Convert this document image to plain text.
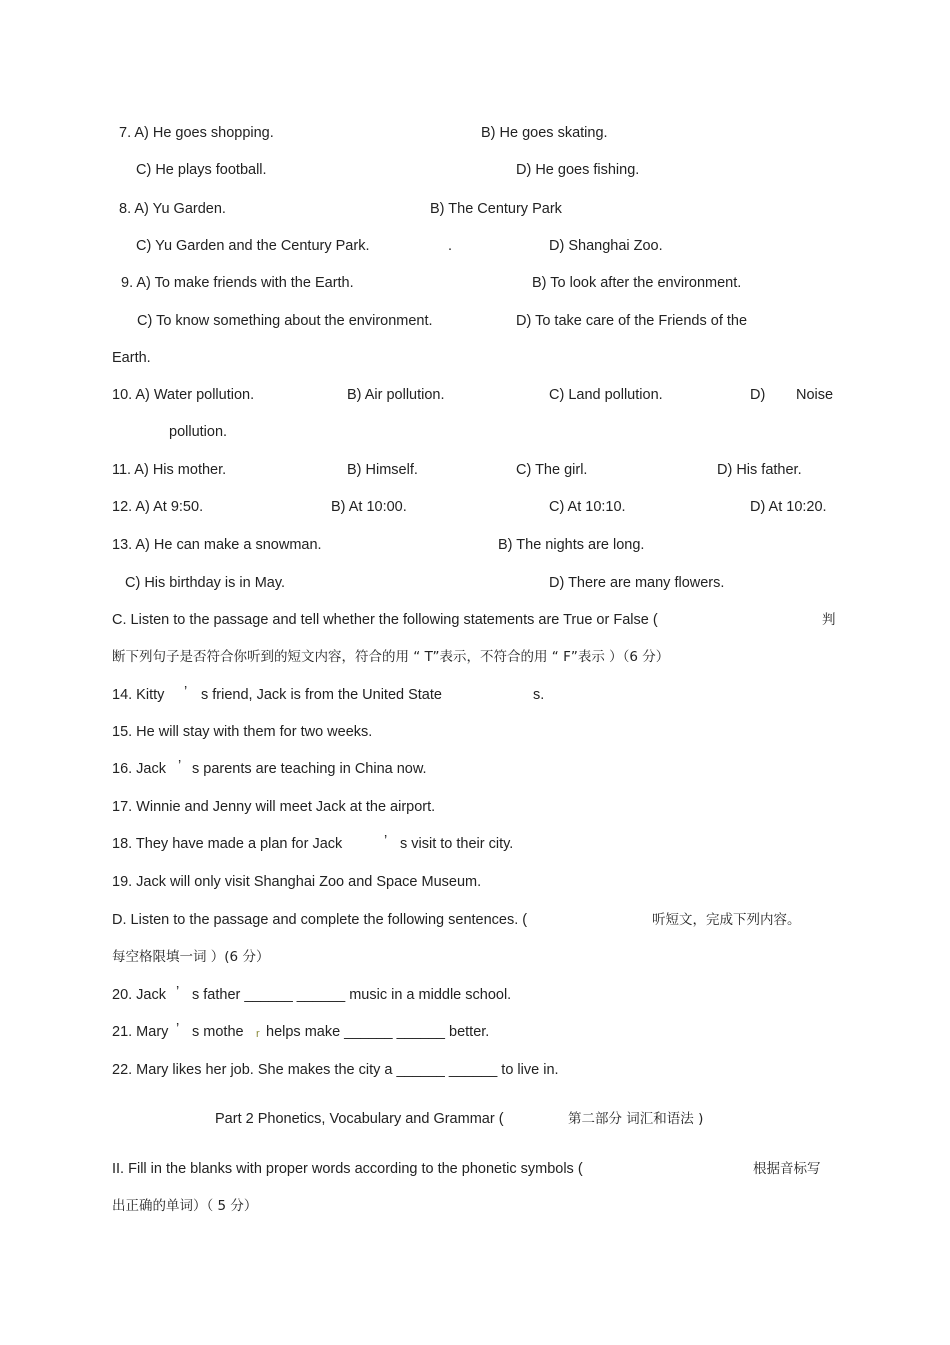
7. A) He goes shopping.	B) He goes skating.
C) He plays football.	D) He goes fishing.
8. A) Yu Garden.	B) The Century Park
C) Yu Garden and the Century Park.	.	D) Shanghai Zoo.
9. A) To make friends with the Earth.	B) To look after the environment.
C) To know something about the environment.	D) To take care of the Friends of the
Earth.
10. A) Water pollution.	B) Air pollution.	C) Land pollution.	D) Noise
pollution.
11. A) His mother.	B) Himself.	C) The girl.	D) His father.
12. A) At 9:50.	B) At 10:00.	C) At 10:10.	D) At 10:20.
13. A) He can make a snowman.	B) The nights are long.
C) His birthday is in May.	D) There are many flowers.
C. Listen to the passage and tell whether the following statements are True or False (	判
断下列句子是否符合你听到的短文内容，符合的用 “ T”表示，不符合的用 “ F”表示 ）（6 分）
14. Kitty ’ s friend, Jack is from the United State	s.
15. He will stay with them for two weeks.
16. Jack ’ s parents are teaching in China now.
17. Winnie and Jenny will meet Jack at the airport.
18. They have made a plan for Jack	’ s visit to their city.
19. Jack will only visit Shanghai Zoo and Space Museum.
D. Listen to the passage and complete the following sentences. (	听短文，完成下列内容。
每空格限填一词 ）(6 分）
20. Jack ’ s father ______ ______ music in a middle school.
21. Mary ’ s mothe r helps make ______ ______ better.
22. Mary likes her job. She makes the city a ______ ______ to live in.
Part 2 Phonetics, Vocabulary and Grammar (	第二部分 词汇和语法 )
II. Fill in the blanks with proper words according to the phonetic symbols (	根据音标写
出正确的单词）（ 5 分）
